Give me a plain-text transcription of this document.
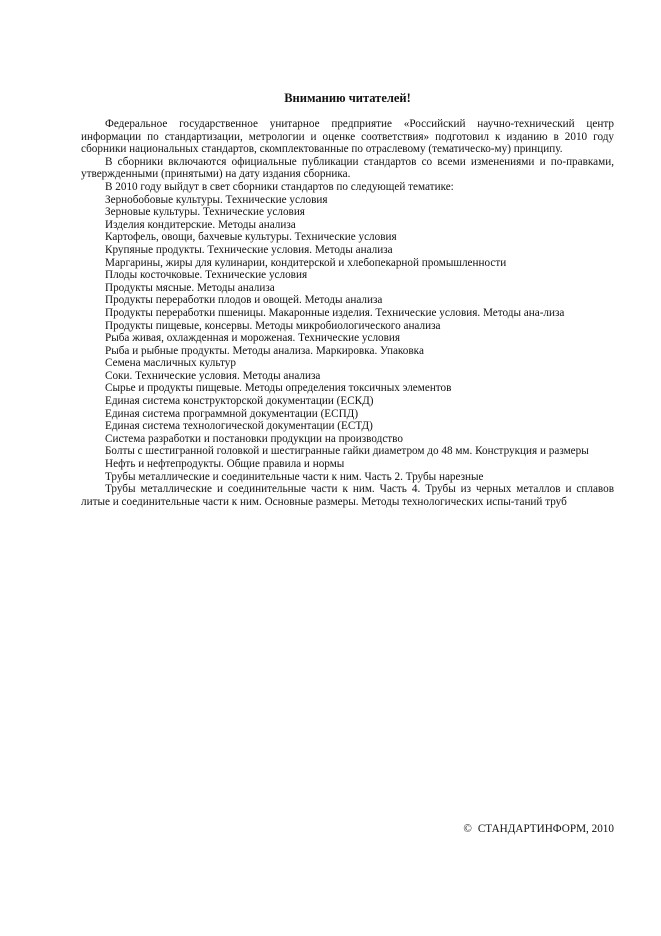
Вниманию читателей!

Федеральное государственное унитарное предприятие «Российский научно-технический центр информации по стандартизации, метрологии и оценке соответствия» подготовил к изданию в 2010 году сборники национальных стандартов, скомплектованные по отраслевому (тематическо-му) принципу.

В сборники включаются официальные публикации стандартов со всеми изменениями и по-правками, утвержденными (принятыми) на дату издания сборника.

В 2010 году выйдут в свет сборники стандартов по следующей тематике:

Зернобобовые культуры. Технические условия
Зерновые культуры. Технические условия
Изделия кондитерские. Методы анализа
Картофель, овощи, бахчевые культуры. Технические условия
Крупяные продукты. Технические условия. Методы анализа
Маргарины, жиры для кулинарии, кондитерской и хлебопекарной промышленности
Плоды косточковые. Технические условия
Продукты мясные. Методы анализа
Продукты переработки плодов и овощей. Методы анализа
Продукты переработки пшеницы. Макаронные изделия. Технические условия. Методы ана-лиза
Продукты пищевые, консервы. Методы микробиологического анализа
Рыба живая, охлажденная и мороженая. Технические условия
Рыба и рыбные продукты. Методы анализа. Маркировка. Упаковка
Семена масличных культур
Соки. Технические условия. Методы анализа
Сырье и продукты пищевые. Методы определения токсичных элементов
Единая система конструкторской документации (ЕСКД)
Единая система программной документации (ЕСПД)
Единая система технологической документации (ЕСТД)
Система разработки и постановки продукции на производство
Болты с шестигранной головкой и шестигранные гайки диаметром до 48 мм. Конструкция и размеры
Нефть и нефтепродукты. Общие правила и нормы
Трубы металлические и соединительные части к ним. Часть 2. Трубы нарезные
Трубы металлические и соединительные части к ним. Часть 4. Трубы из черных металлов и сплавов литые и соединительные части к ним. Основные размеры. Методы технологических испы-таний труб
© СТАНДАРТИНФОРМ, 2010
